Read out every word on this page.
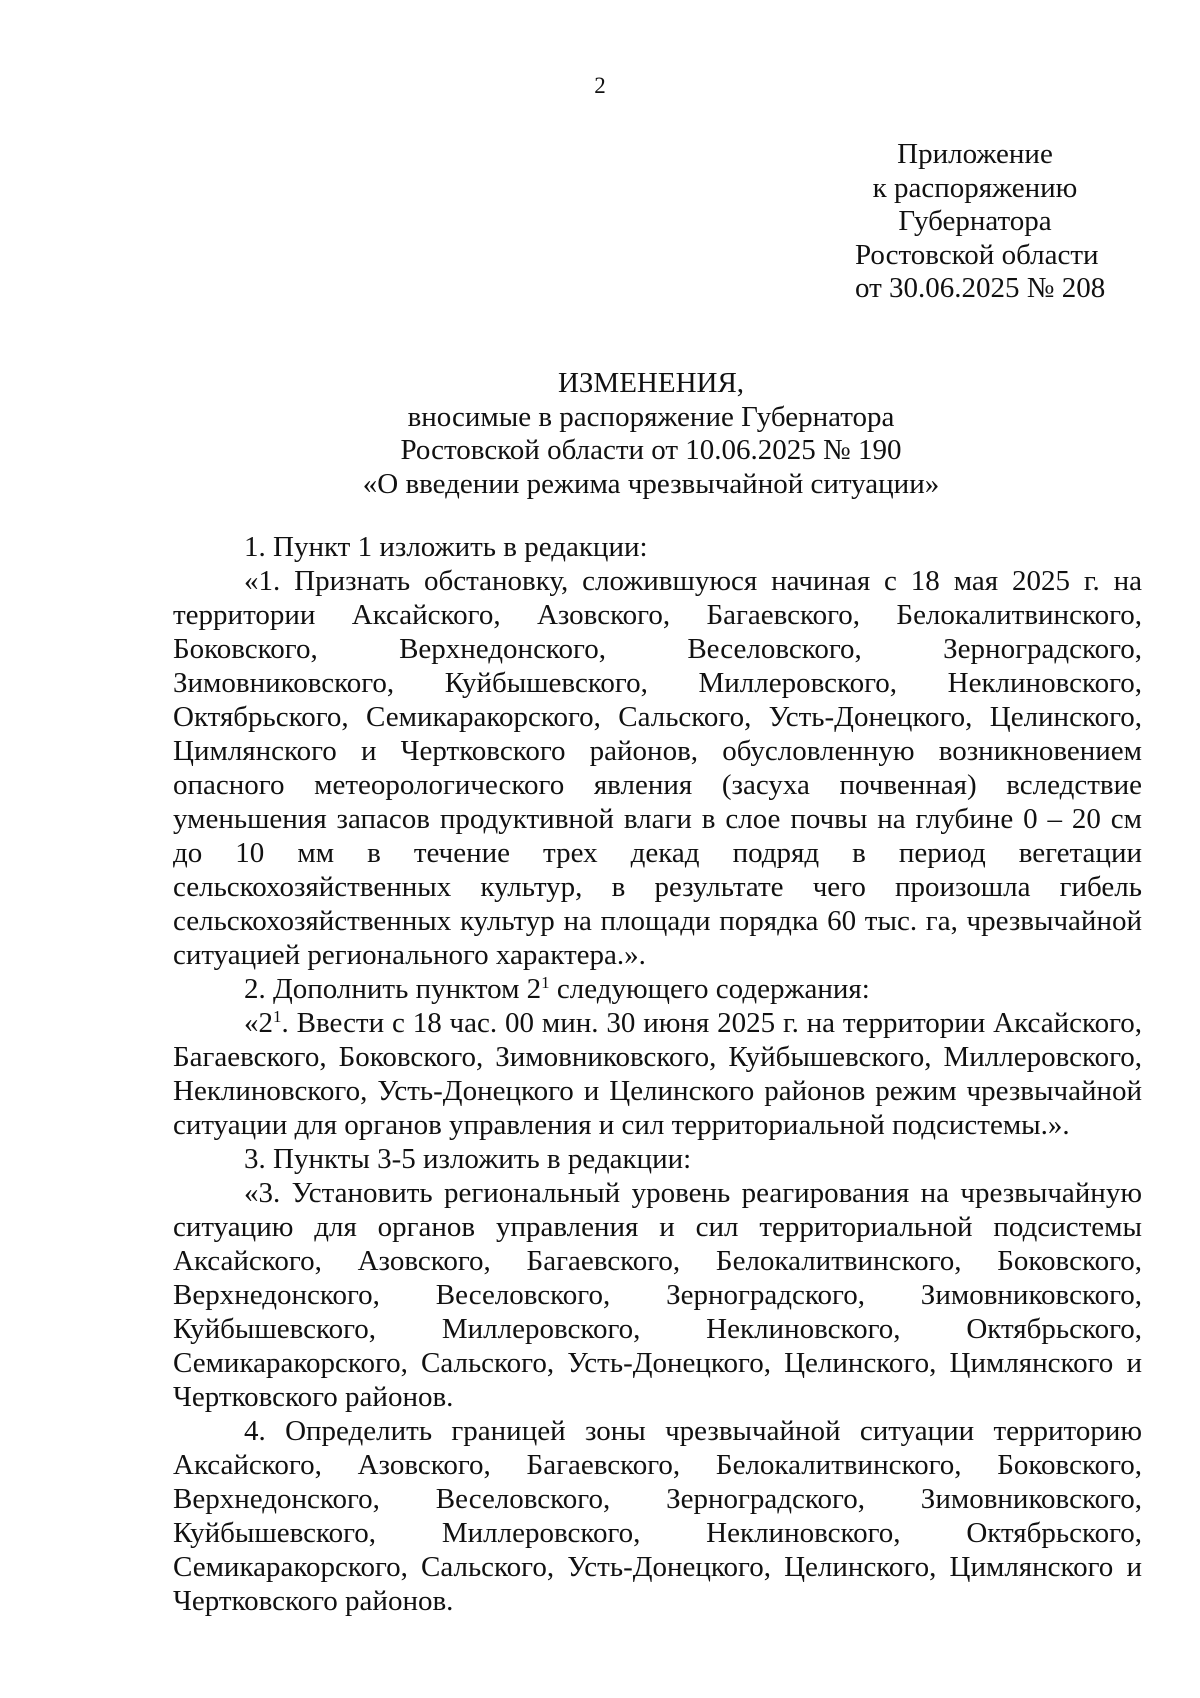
2
Приложение
к распоряжению
Губернатора
Ростовской области
от 30.06.2025 № 208
ИЗМЕНЕНИЯ,
вносимые в распоряжение Губернатора
Ростовской области от 10.06.2025 № 190
«О введении режима чрезвычайной ситуации»

1. Пункт 1 изложить в редакции:

«1. Признать обстановку, сложившуюся начиная с 18 мая 2025 г. на территории Аксайского, Азовского, Багаевского, Белокалитвинского, Боковского, Верхнедонского, Веселовского, Зерноградского, Зимовниковского, Куйбышевского, Миллеровского, Неклиновского, Октябрьского, Семикаракорского, Сальского, Усть-Донецкого, Целинского, Цимлянского и Чертковского районов, обусловленную возникновением опасного метеорологического явления (засуха почвенная) вследствие уменьшения запасов продуктивной влаги в слое почвы на глубине 0 – 20 см до 10 мм в течение трех декад подряд в период вегетации сельскохозяйственных культур, в результате чего произошла гибель сельскохозяйственных культур на площади порядка 60 тыс. га, чрезвычайной ситуацией регионального характера.».

2. Дополнить пунктом $2^1$ следующего содержания:

«$2^1$. Ввести с 18 час. 00 мин. 30 июня 2025 г. на территории Аксайского, Багаевского, Боковского, Зимовниковского, Куйбышевского, Миллеровского, Неклиновского, Усть-Донецкого и Целинского районов режим чрезвычайной ситуации для органов управления и сил территориальной подсистемы.».

3. Пункты 3-5 изложить в редакции:

«3. Установить региональный уровень реагирования на чрезвычайную ситуацию для органов управления и сил территориальной подсистемы Аксайского, Азовского, Багаевского, Белокалитвинского, Боковского, Верхнедонского, Веселовского, Зерноградского, Зимовниковского, Куйбышевского, Миллеровского, Неклиновского, Октябрьского, Семикаракорского, Сальского, Усть-Донецкого, Целинского, Цимлянского и Чертковского районов.

4. Определить границей зоны чрезвычайной ситуации территорию Аксайского, Азовского, Багаевского, Белокалитвинского, Боковского, Верхнедонского, Веселовского, Зерноградского, Зимовниковского, Куйбышевского, Миллеровского, Неклиновского, Октябрьского, Семикаракорского, Сальского, Усть-Донецкого, Целинского, Цимлянского и Чертковского районов.
